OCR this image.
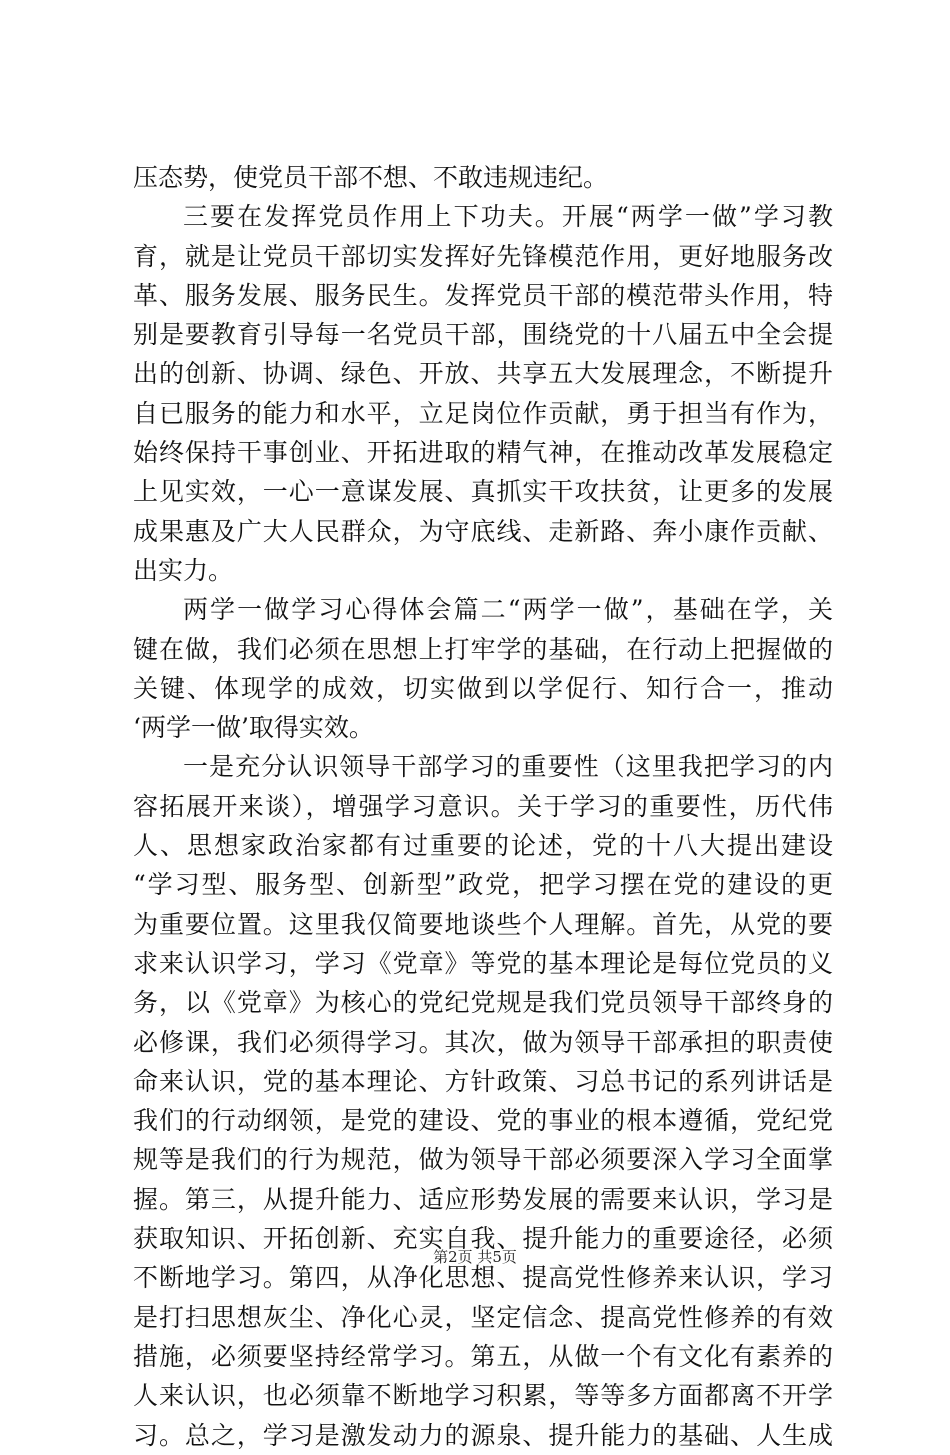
压态势，使党员干部不想、不敢违规违纪。
三要在发挥党员作用上下功夫。开展“两学一做”学习教
育，就是让党员干部切实发挥好先锋模范作用，更好地服务改
革、服务发展、服务民生。发挥党员干部的模范带头作用，特
别是要教育引导每一名党员干部，围绕党的十八届五中全会提
出的创新、协调、绿色、开放、共享五大发展理念，不断提升
自已服务的能力和水平，立足岗位作贡献，勇于担当有作为，
始终保持干事创业、开拓进取的精气神，在推动改革发展稳定
上见实效，一心一意谋发展、真抓实干攻扶贫，让更多的发展
成果惠及广大人民群众，为守底线、走新路、奔小康作贡献、
出实力。
两学一做学习心得体会篇二“两学一做”，基础在学，关
键在做，我们必须在思想上打牢学的基础，在行动上把握做的
关键、体现学的成效，切实做到以学促行、知行合一，推动
‘两学一做’取得实效。
一是充分认识领导干部学习的重要性（这里我把学习的内
容拓展开来谈），增强学习意识。关于学习的重要性，历代伟
人、思想家政治家都有过重要的论述，党的十八大提出建设
“学习型、服务型、创新型”政党，把学习摆在党的建设的更
为重要位置。这里我仅简要地谈些个人理解。首先，从党的要
求来认识学习，学习《党章》等党的基本理论是每位党员的义
务，以《党章》为核心的党纪党规是我们党员领导干部终身的
必修课，我们必须得学习。其次，做为领导干部承担的职责使
命来认识，党的基本理论、方针政策、习总书记的系列讲话是
我们的行动纲领，是党的建设、党的事业的根本遵循，党纪党
规等是我们的行为规范，做为领导干部必须要深入学习全面掌
握。第三，从提升能力、适应形势发展的需要来认识，学习是
获取知识、开拓创新、充实自我、提升能力的重要途径，必须
不断地学习。第四，从净化思想、提高党性修养来认识，学习
是打扫思想灰尘、净化心灵，坚定信念、提高党性修养的有效
措施，必须要坚持经常学习。第五，从做一个有文化有素养的
人来认识，也必须靠不断地学习积累，等等多方面都离不开学
习。总之，学习是激发动力的源泉、提升能力的基础、人生成
第2页 共5页
